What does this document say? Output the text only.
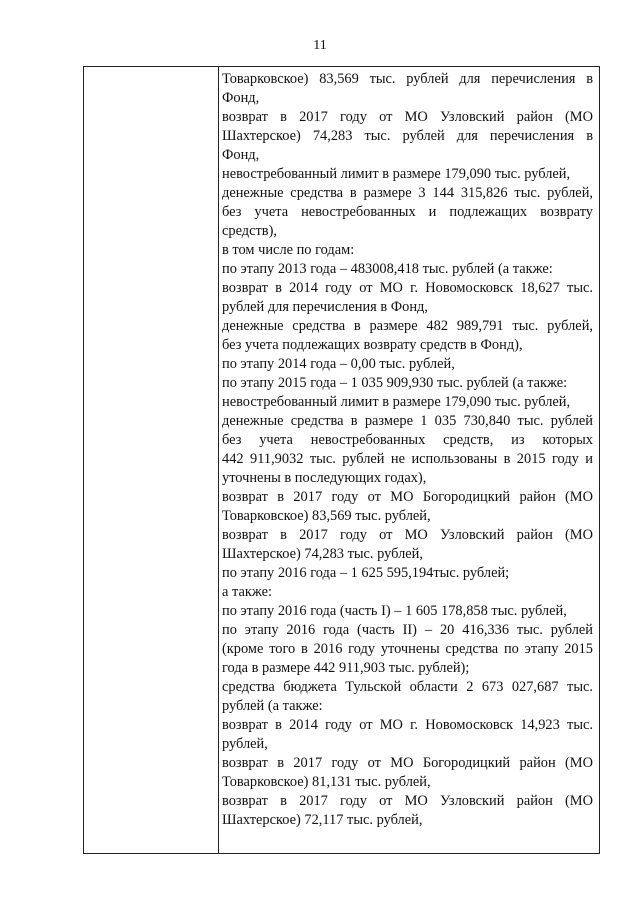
11
Товарковское) 83,569 тыс. рублей для перечисления в
Фонд,
возврат в 2017 году от МО Узловский район (МО
Шахтерское) 74,283 тыс. рублей для перечисления в
Фонд,
невостребованный лимит в размере 179,090 тыс. рублей,
денежные средства в размере 3 144 315,826 тыс. рублей,
без учета невостребованных и подлежащих возврату
средств),
в том числе по годам:
по этапу 2013 года – 483008,418 тыс. рублей (а также:
возврат в 2014 году от МО г. Новомосковск 18,627 тыс.
рублей для перечисления в Фонд,
денежные средства в размере 482 989,791 тыс. рублей,
без учета подлежащих возврату средств в Фонд),
по этапу 2014 года – 0,00 тыс. рублей,
по этапу 2015 года – 1 035 909,930 тыс. рублей (а также:
невостребованный лимит в размере 179,090 тыс. рублей,
денежные средства в размере 1 035 730,840 тыс. рублей
без учета невостребованных средств, из которых
442 911,9032 тыс. рублей не использованы в 2015 году и
уточнены в последующих годах),
возврат в 2017 году от МО Богородицкий район (МО
Товарковское) 83,569 тыс. рублей,
возврат в 2017 году от МО Узловский район (МО
Шахтерское) 74,283 тыс. рублей,
по этапу 2016 года – 1 625 595,194тыс. рублей;
а также:
по этапу 2016 года (часть I) – 1 605 178,858 тыс. рублей,
по этапу 2016 года (часть II) – 20 416,336 тыс. рублей
(кроме того в 2016 году уточнены средства по этапу 2015
года в размере 442 911,903 тыс. рублей);
средства бюджета Тульской области 2 673 027,687 тыс.
рублей (а также:
возврат в 2014 году от МО г. Новомосковск 14,923 тыс.
рублей,
возврат в 2017 году от МО Богородицкий район (МО
Товарковское) 81,131 тыс. рублей,
возврат в 2017 году от МО Узловский район (МО
Шахтерское) 72,117 тыс. рублей,
